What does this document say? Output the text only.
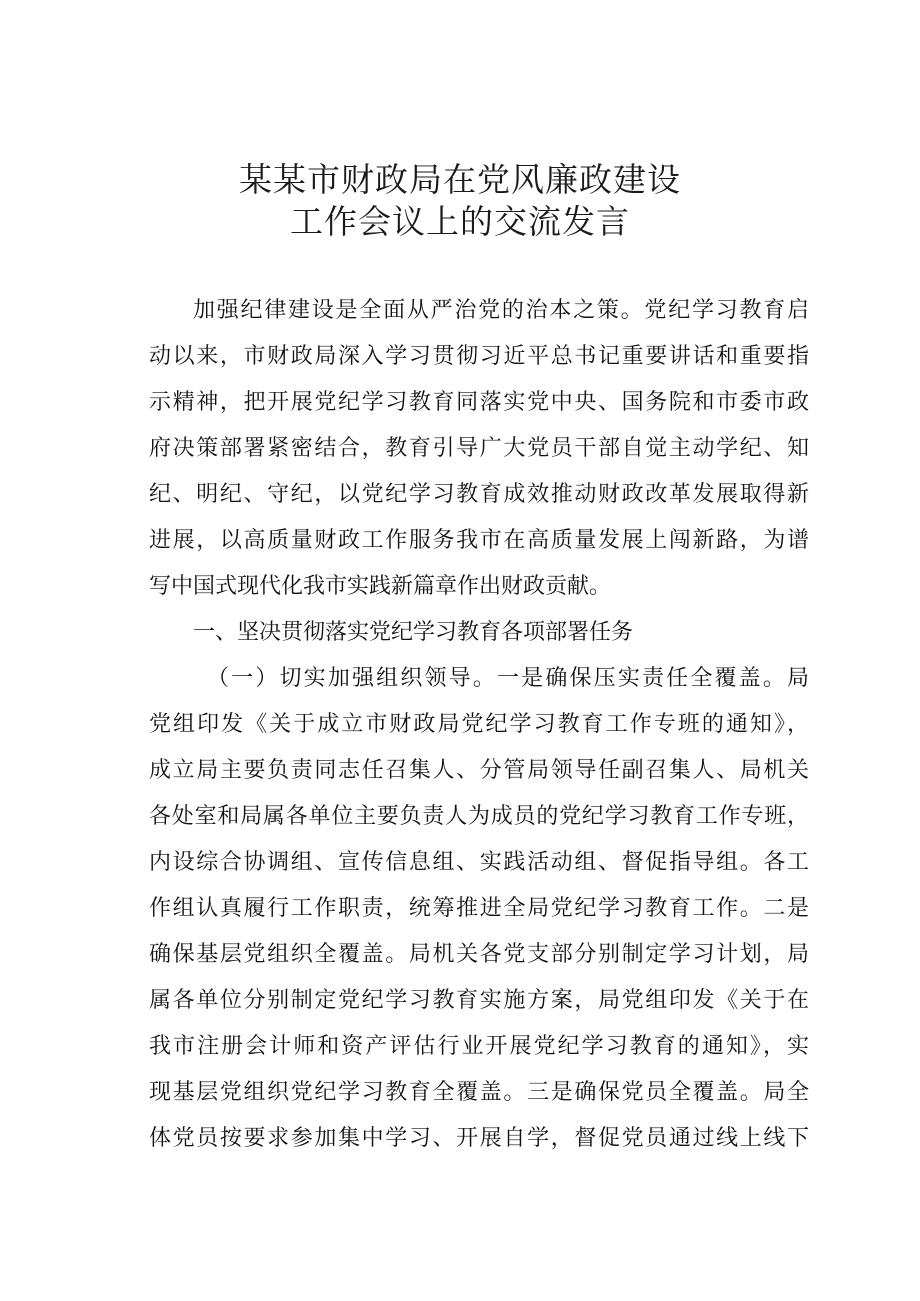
某某市财政局在党风廉政建设
工作会议上的交流发言
加强纪律建设是全面从严治党的治本之策。党纪学习教育启
动以来，市财政局深入学习贯彻习近平总书记重要讲话和重要指
示精神，把开展党纪学习教育同落实党中央、国务院和市委市政
府决策部署紧密结合，教育引导广大党员干部自觉主动学纪、知
纪、明纪、守纪，以党纪学习教育成效推动财政改革发展取得新
进展，以高质量财政工作服务我市在高质量发展上闯新路，为谱
写中国式现代化我市实践新篇章作出财政贡献。
一、坚决贯彻落实党纪学习教育各项部署任务
（一）切实加强组织领导。一是确保压实责任全覆盖。局
党组印发《关于成立市财政局党纪学习教育工作专班的通知》，
成立局主要负责同志任召集人、分管局领导任副召集人、局机关
各处室和局属各单位主要负责人为成员的党纪学习教育工作专班，
内设综合协调组、宣传信息组、实践活动组、督促指导组。各工
作组认真履行工作职责，统筹推进全局党纪学习教育工作。二是
确保基层党组织全覆盖。局机关各党支部分别制定学习计划，局
属各单位分别制定党纪学习教育实施方案，局党组印发《关于在
我市注册会计师和资产评估行业开展党纪学习教育的通知》，实
现基层党组织党纪学习教育全覆盖。三是确保党员全覆盖。局全
体党员按要求参加集中学习、开展自学，督促党员通过线上线下
